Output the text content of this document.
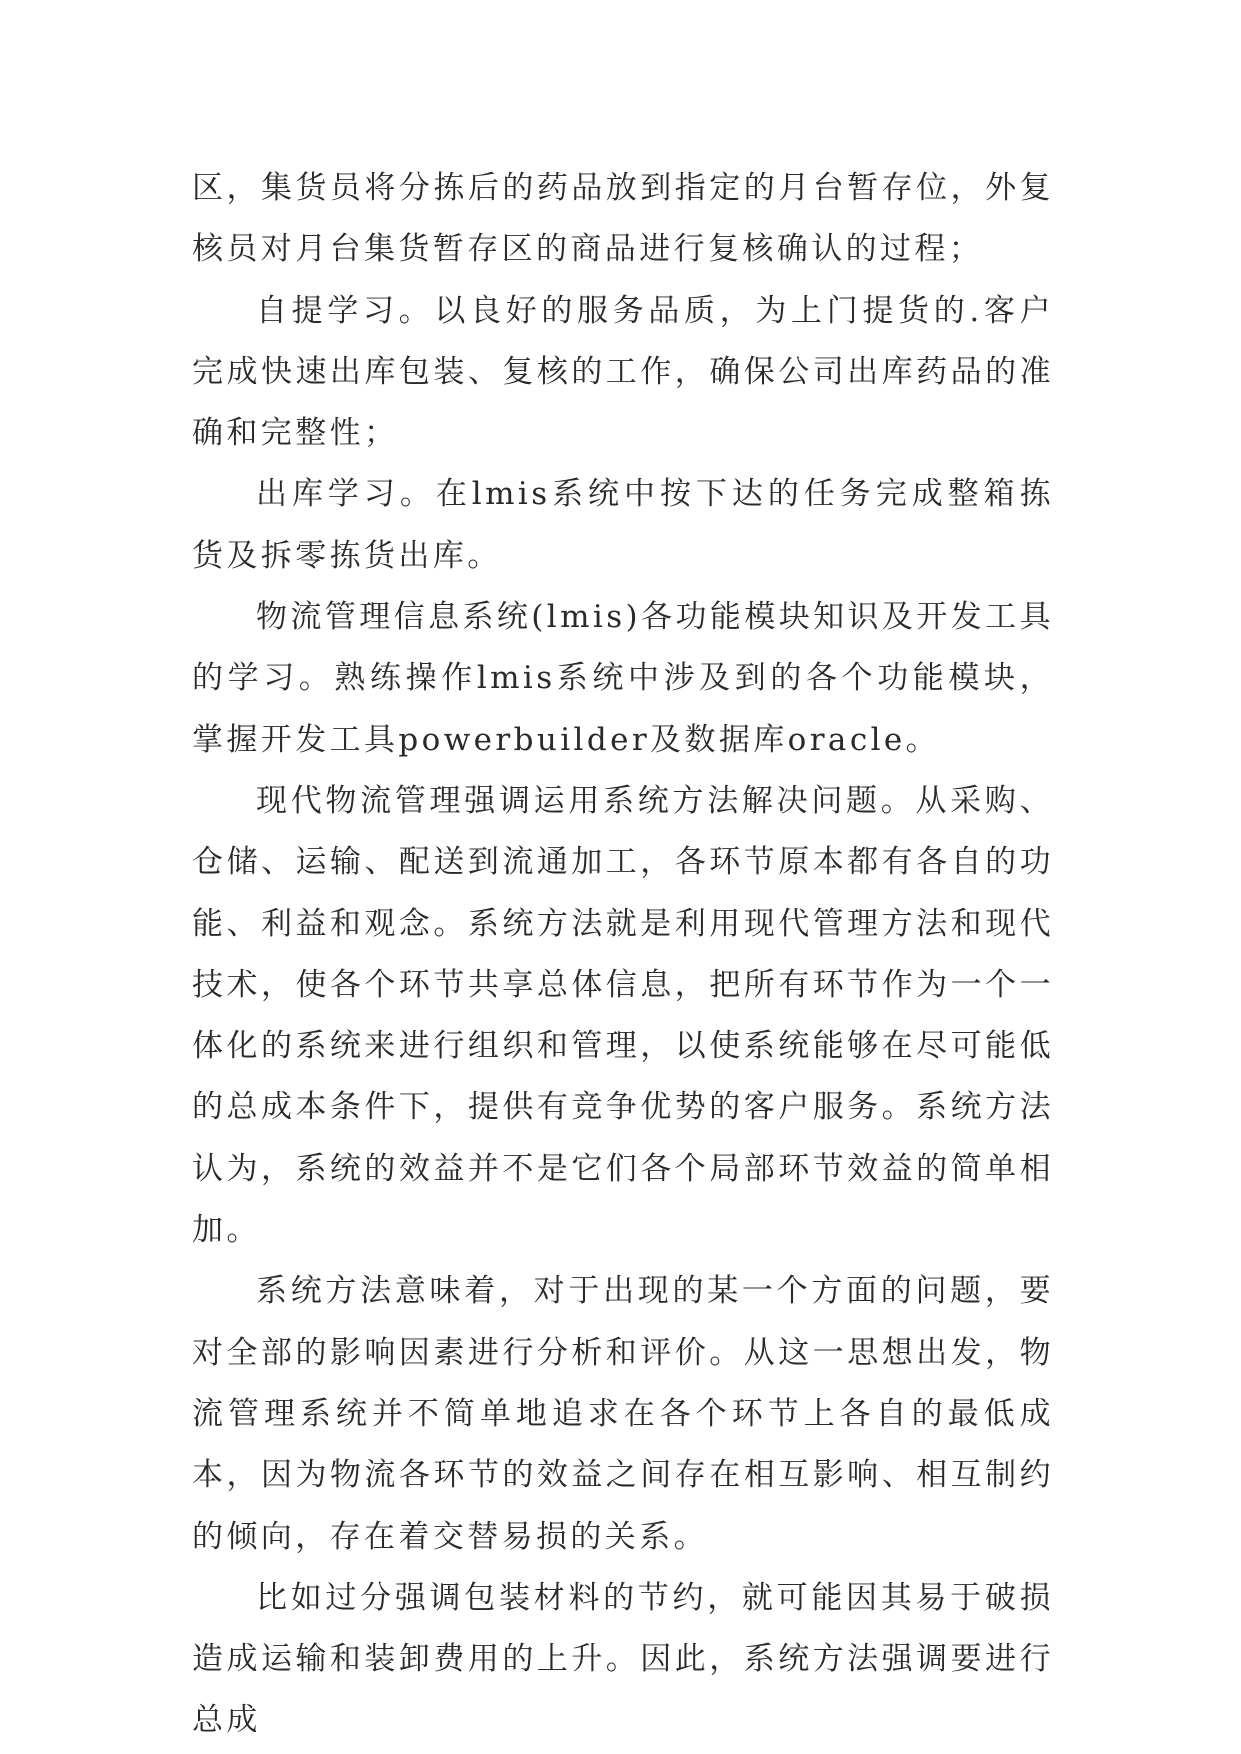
区，集货员将分拣后的药品放到指定的月台暂存位，外复核员对月台集货暂存区的商品进行复核确认的过程；

自提学习。以良好的服务品质，为上门提货的.客户完成快速出库包装、复核的工作，确保公司出库药品的准确和完整性；

出库学习。在lmis系统中按下达的任务完成整箱拣货及拆零拣货出库。

物流管理信息系统(lmis)各功能模块知识及开发工具的学习。熟练操作lmis系统中涉及到的各个功能模块，掌握开发工具powerbuilder及数据库oracle。

现代物流管理强调运用系统方法解决问题。从采购、仓储、运输、配送到流通加工，各环节原本都有各自的功能、利益和观念。系统方法就是利用现代管理方法和现代技术，使各个环节共享总体信息，把所有环节作为一个一体化的系统来进行组织和管理，以使系统能够在尽可能低的总成本条件下，提供有竞争优势的客户服务。系统方法认为，系统的效益并不是它们各个局部环节效益的简单相加。

系统方法意味着，对于出现的某一个方面的问题，要对全部的影响因素进行分析和评价。从这一思想出发，物流管理系统并不简单地追求在各个环节上各自的最低成本，因为物流各环节的效益之间存在相互影响、相互制约的倾向，存在着交替易损的关系。

比如过分强调包装材料的节约，就可能因其易于破损造成运输和装卸费用的上升。因此，系统方法强调要进行总成
